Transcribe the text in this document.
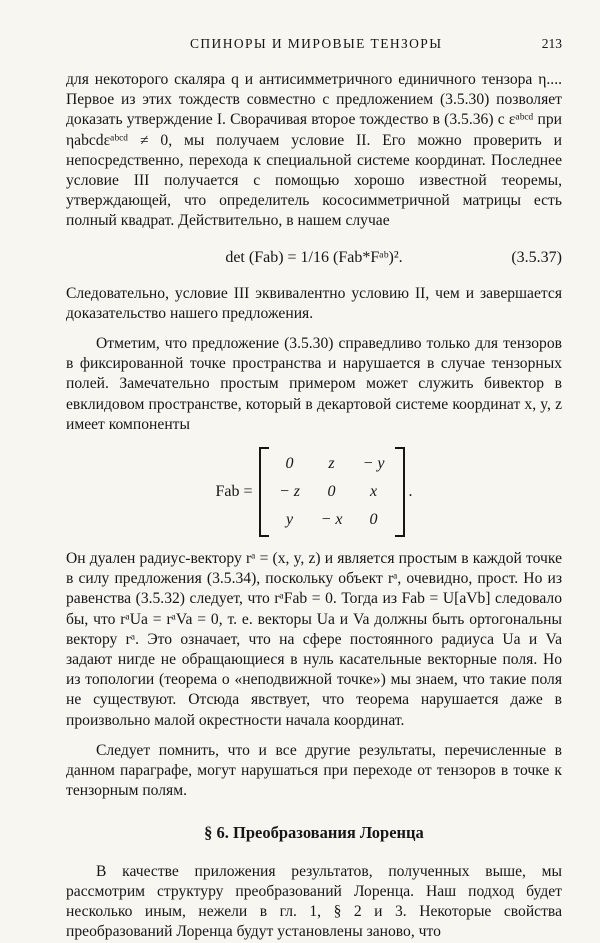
СПИНОРЫ И МИРОВЫЕ ТЕНЗОРЫ	213

для некоторого скаляра q и антисимметричного единичного тензора η.... Первое из этих тождеств совместно с предложением (3.5.30) позволяет доказать утверждение I. Сворачивая второе тождество в (3.5.36) с εᵃᵇᶜᵈ при ηabcdεᵃᵇᶜᵈ ≠ 0, мы получаем условие II. Его можно проверить и непосредственно, перехода к специальной системе координат. Последнее условие III получается с помощью хорошо известной теоремы, утверждающей, что определитель кососимметричной матрицы есть полный квадрат. Действительно, в нашем случае

det (Fab) = 1/16 (Fab*Fᵃᵇ)².	(3.5.37)

Следовательно, условие III эквивалентно условию II, чем и завершается доказательство нашего предложения.

Отметим, что предложение (3.5.30) справедливо только для тензоров в фиксированной точке пространства и нарушается в случае тензорных полей. Замечательно простым примером может служить бивектор в евклидовом пространстве, который в декартовой системе координат x, y, z имеет компоненты

Fab =
0	z	− y
− z	0	x
y	− x	0
.

Он дуален радиус-вектору rᵃ = (x, y, z) и является простым в каждой точке в силу предложения (3.5.34), поскольку объект rᵃ, очевидно, прост. Но из равенства (3.5.32) следует, что rᵃFab = 0. Тогда из Fab = U[aVb] следовало бы, что rᵃUa = rᵃVa = 0, т. е. векторы Ua и Va должны быть ортогональны вектору rᵃ. Это означает, что на сфере постоянного радиуса Ua и Va задают нигде не обращающиеся в нуль касательные векторные поля. Но из топологии (теорема о «неподвижной точке») мы знаем, что такие поля не существуют. Отсюда явствует, что теорема нарушается даже в произвольно малой окрестности начала координат.

Следует помнить, что и все другие результаты, перечисленные в данном параграфе, могут нарушаться при переходе от тензоров в точке к тензорным полям.

§ 6. Преобразования Лоренца

В качестве приложения результатов, полученных выше, мы рассмотрим структуру преобразований Лоренца. Наш подход будет несколько иным, нежели в гл. 1, § 2 и 3. Некоторые свойства преобразований Лоренца будут установлены заново, что
